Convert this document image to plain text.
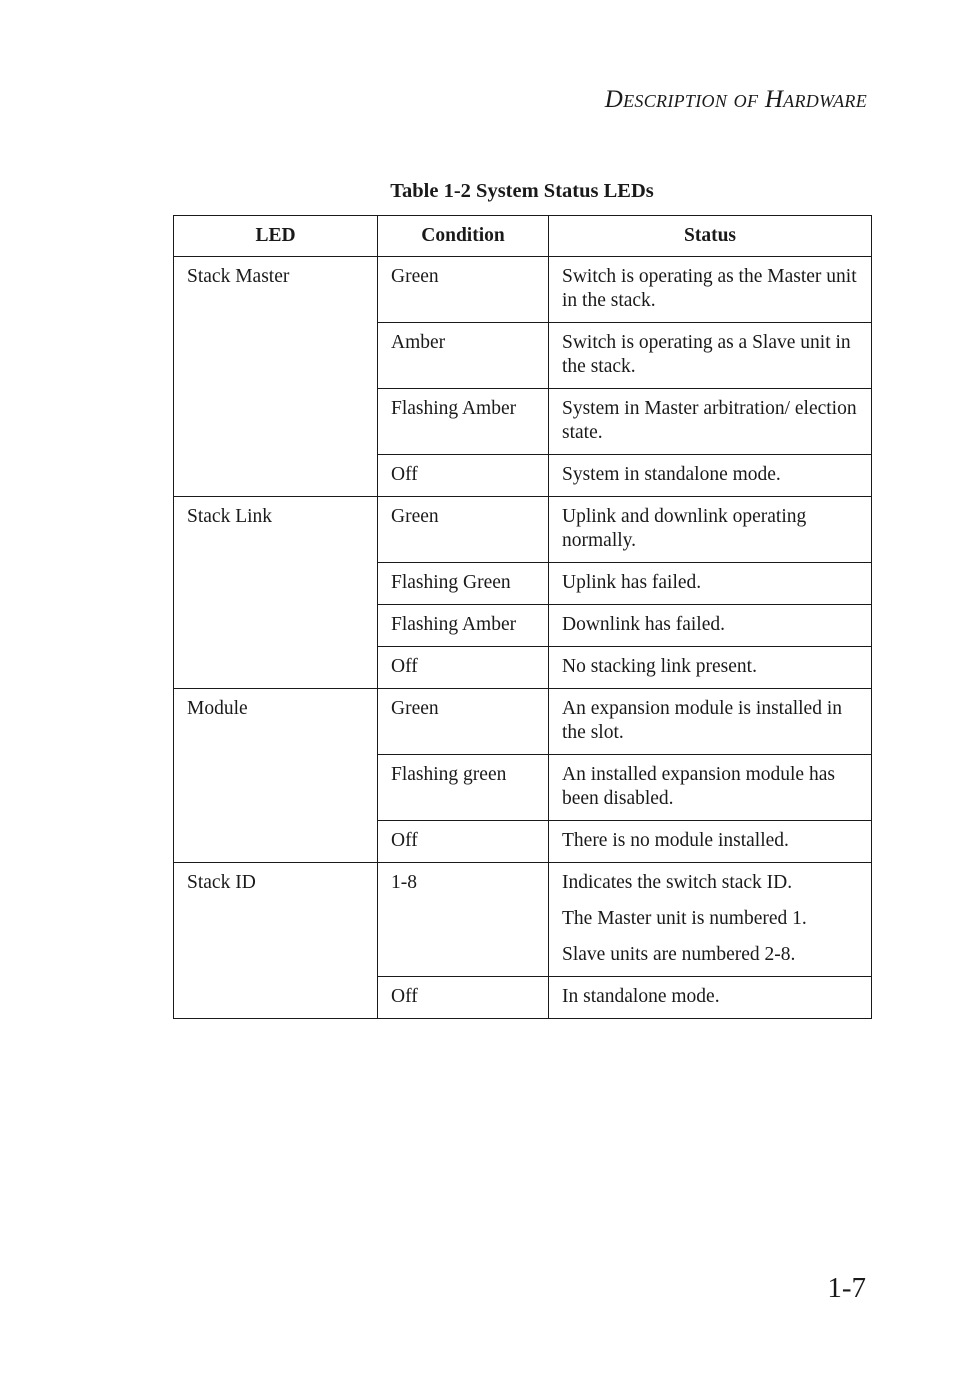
Description of Hardware
Table 1-2 System Status LEDs
LED	Condition	Status
Stack Master	Green	Switch is operating as the Master unit in the stack.

	Amber	Switch is operating as a Slave unit in the stack.

	Flashing Amber	System in Master arbitration/ election state.

	Off	System in standalone mode.

Stack Link	Green	Uplink and downlink operating normally.

	Flashing Green	Uplink has failed.

	Flashing Amber	Downlink has failed.

	Off	No stacking link present.

Module	Green	An expansion module is installed in the slot.

	Flashing green	An installed expansion module has been disabled.

	Off	There is no module installed.

Stack ID	1-8	Indicates the switch stack ID.
The Master unit is numbered 1.
Slave units are numbered 2-8.

	Off	In standalone mode.
1-7
